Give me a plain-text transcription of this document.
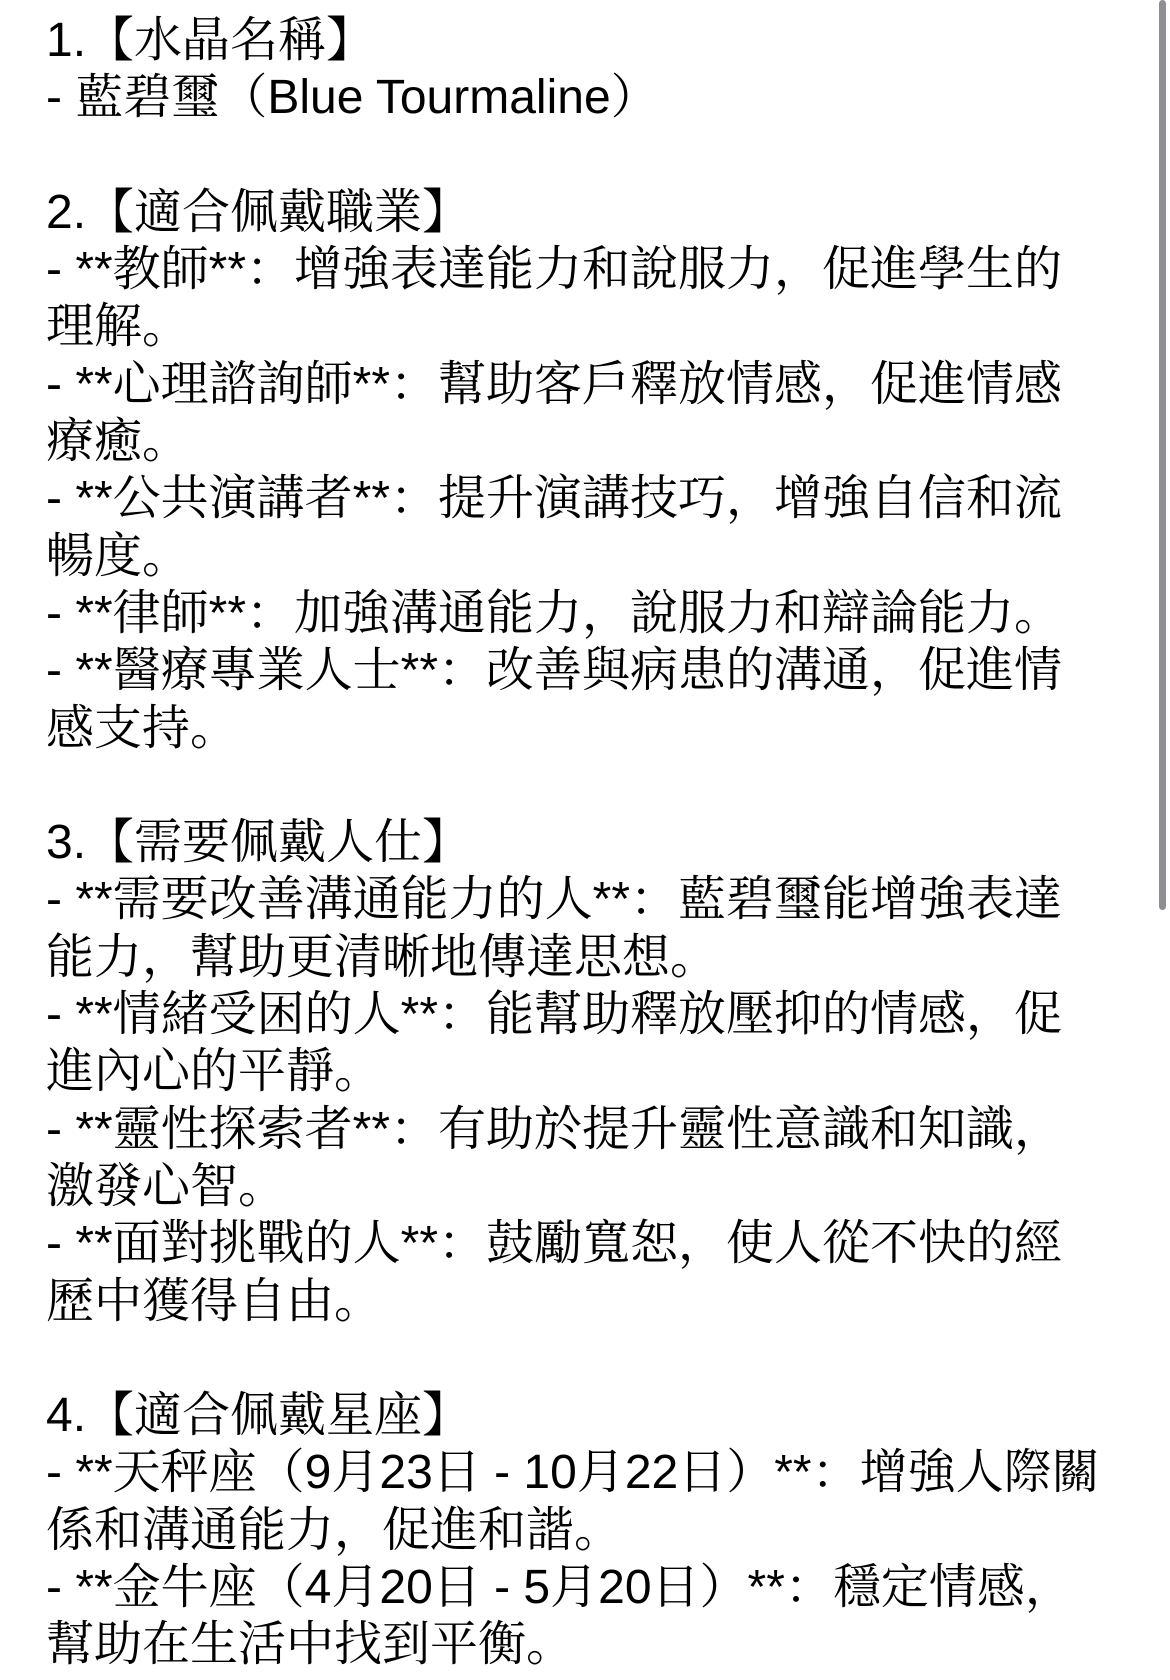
1.【水晶名稱】
- 藍碧璽（Blue Tourmaline）
2.【適合佩戴職業】
- **教師**：增強表達能力和說服力，促進學生的
理解。
- **心理諮詢師**：幫助客戶釋放情感，促進情感
療癒。
- **公共演講者**：提升演講技巧，增強自信和流
暢度。
- **律師**：加強溝通能力，說服力和辯論能力。
- **醫療專業人士**：改善與病患的溝通，促進情
感支持。
3.【需要佩戴人仕】
- **需要改善溝通能力的人**：藍碧璽能增強表達
能力，幫助更清晰地傳達思想。
- **情緒受困的人**：能幫助釋放壓抑的情感，促
進內心的平靜。
- **靈性探索者**：有助於提升靈性意識和知識，
激發心智。
- **面對挑戰的人**：鼓勵寬恕，使人從不快的經
歷中獲得自由。
4.【適合佩戴星座】
- **天秤座（9月23日 - 10月22日）**：增強人際關
係和溝通能力，促進和諧。
- **金牛座（4月20日 - 5月20日）**：穩定情感，
幫助在生活中找到平衡。
